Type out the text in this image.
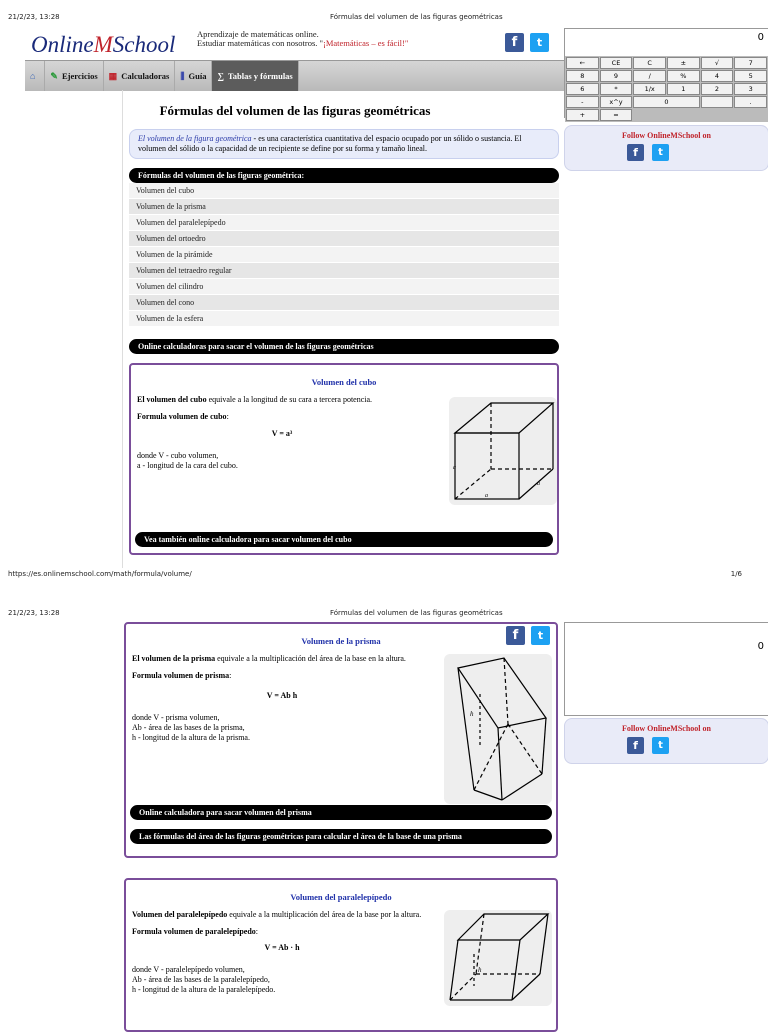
21/2/23, 13:28	Fórmulas del volumen de las figuras geométricas
OnlineMSchool	Aprendizaje de matemáticas online.
Estudiar matemáticas con nosotros. "¡Matemáticas – es fácil!"	f	t
⌂ ✎ Ejercicios ▦ Calculadoras ⫼ Guía ∑ Tablas y fórmulas
Fórmulas del volumen de las figuras geométricas
El volumen de la figura geométrica - es una característica cuantitativa del espacio ocupado por un sólido o sustancia. El volumen del sólido o la capacidad de un recipiente se define por su forma y tamaño lineal.
Fórmulas del volumen de las figuras geométrica:
Volumen del cubo
Volumen de la prisma
Volumen del paralelepípedo
Volumen del ortoedro
Volumen de la pirámide
Volumen del tetraedro regular
Volumen del cilindro
Volumen del cono
Volumen de la esfera
Online calculadoras para sacar el volumen de las figuras geométricas
Volumen del cubo

El volumen del cubo equivale a la longitud de su cara a tercera potencia.

Formula volumen de cubo:

V = a³

donde V - cubo volumen,

a - longitud de la cara del cubo.	a
a
a
Vea también online calculadora para sacar volumen del cubo
0
←	CE	C	±	√	7
8	9	/	%	4	5
6	*	1/x	1	2	3
-	x^y	0	.
+	=
Follow OnlineMSchool on
f	t
https://es.onlinemschool.com/math/formula/volume/	1/6
21/2/23, 13:28	Fórmulas del volumen de las figuras geométricas
Volumen de la prisma	f	t

El volumen de la prisma equivale a la multiplicación del área de la base en la altura.

Formula volumen de prisma:

V = Ab h

donde V - prisma volumen,

Ab - área de las bases de la prisma,

h - longitud de la altura de la prisma.

h
Online calculadora para sacar volumen del prisma
Las fórmulas del área de las figuras geométricas para calcular el área de la base de una prisma
Volumen del paralelepípedo

Volumen del paralelepípedo equivale a la multiplicación del área de la base por la altura.

Formula volumen de paralelepípedo:

V = Ab · h

donde V - paralelepípedo volumen,

Ab - área de las bases de la paralelepípedo,

h - longitud de la altura de la paralelepípedo.

h
0
Follow OnlineMSchool on
f	t
